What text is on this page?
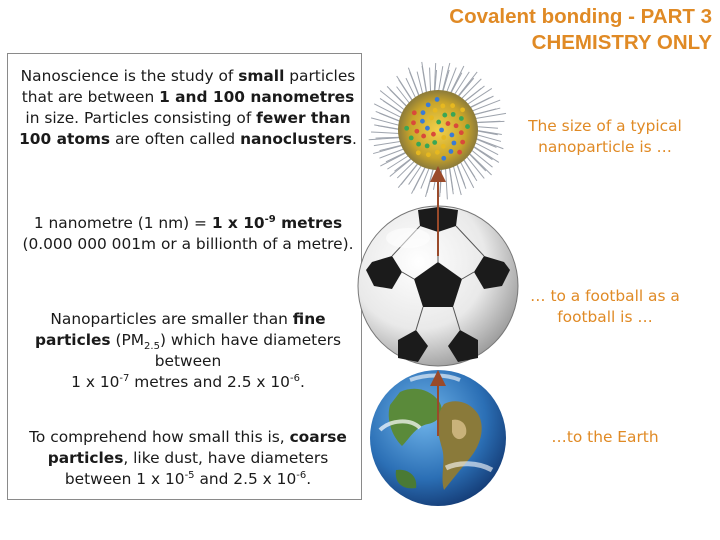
Covalent bonding - PART 3
CHEMISTRY ONLY
Nanoscience is the study of small particles that are between 1 and 100 nanometres in size. Particles consisting of fewer than 100 atoms are often called nanoclusters.
1 nanometre (1 nm) = 1 x $10^{-9}$ metres
(0.000 000 001m or a billionth of a metre).
Nanoparticles are smaller than fine particles $(PM_{2.5})$ which have diameters between
1 x $10^{-7}$ metres and 2.5 x $10^{-6}$.
To comprehend how small this is, coarse particles, like dust, have diameters between 1 x $10^{-5}$ and 2.5 x $10^{-6}$.
The size of a typical nanoparticle is …
… to a football as a football is …
…to the Earth
